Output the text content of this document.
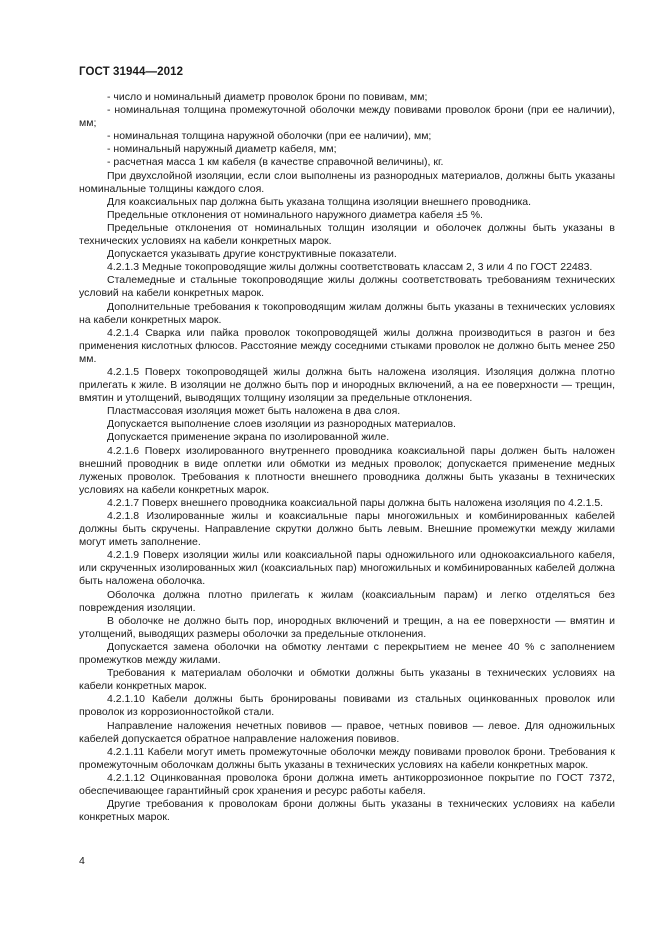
ГОСТ 31944—2012

- число и номинальный диаметр проволок брони по повивам, мм;

- номинальная толщина промежуточной оболочки между повивами проволок брони (при ее наличии), мм;

- номинальная толщина наружной оболочки (при ее наличии), мм;

- номинальный наружный диаметр кабеля, мм;

- расчетная масса 1 км кабеля (в качестве справочной величины), кг.

При двухслойной изоляции, если слои выполнены из разнородных материалов, должны быть указаны номинальные толщины каждого слоя.

Для коаксиальных пар должна быть указана толщина изоляции внешнего проводника.

Предельные отклонения от номинального наружного диаметра кабеля ±5 %.

Предельные отклонения от номинальных толщин изоляции и оболочек должны быть указаны в технических условиях на кабели конкретных марок.

Допускается указывать другие конструктивные показатели.

4.2.1.3 Медные токопроводящие жилы должны соответствовать классам 2, 3 или 4 по ГОСТ 22483.

Сталемедные и стальные токопроводящие жилы должны соответствовать требованиям технических условий на кабели конкретных марок.

Дополнительные требования к токопроводящим жилам должны быть указаны в технических условиях на кабели конкретных марок.

4.2.1.4 Сварка или пайка проволок токопроводящей жилы должна производиться в разгон и без применения кислотных флюсов. Расстояние между соседними стыками проволок не должно быть менее 250 мм.

4.2.1.5 Поверх токопроводящей жилы должна быть наложена изоляция. Изоляция должна плотно прилегать к жиле. В изоляции не должно быть пор и инородных включений, а на ее поверхности — трещин, вмятин и утолщений, выводящих толщину изоляции за предельные отклонения.

Пластмассовая изоляция может быть наложена в два слоя.

Допускается выполнение слоев изоляции из разнородных материалов.

Допускается применение экрана по изолированной жиле.

4.2.1.6 Поверх изолированного внутреннего проводника коаксиальной пары должен быть наложен внешний проводник в виде оплетки или обмотки из медных проволок; допускается применение медных луженых проволок. Требования к плотности внешнего проводника должны быть указаны в технических условиях на кабели конкретных марок.

4.2.1.7 Поверх внешнего проводника коаксиальной пары должна быть наложена изоляция по 4.2.1.5.

4.2.1.8 Изолированные жилы и коаксиальные пары многожильных и комбинированных кабелей должны быть скручены. Направление скрутки должно быть левым. Внешние промежутки между жилами могут иметь заполнение.

4.2.1.9 Поверх изоляции жилы или коаксиальной пары одножильного или однокоаксиального кабеля, или скрученных изолированных жил (коаксиальных пар) многожильных и комбинированных кабелей должна быть наложена оболочка.

Оболочка должна плотно прилегать к жилам (коаксиальным парам) и легко отделяться без повреждения изоляции.

В оболочке не должно быть пор, инородных включений и трещин, а на ее поверхности — вмятин и утолщений, выводящих размеры оболочки за предельные отклонения.

Допускается замена оболочки на обмотку лентами с перекрытием не менее 40 % с заполнением промежутков между жилами.

Требования к материалам оболочки и обмотки должны быть указаны в технических условиях на кабели конкретных марок.

4.2.1.10 Кабели должны быть бронированы повивами из стальных оцинкованных проволок или проволок из коррозионностойкой стали.

Направление наложения нечетных повивов — правое, четных повивов — левое. Для одножильных кабелей допускается обратное направление наложения повивов.

4.2.1.11 Кабели могут иметь промежуточные оболочки между повивами проволок брони. Требования к промежуточным оболочкам должны быть указаны в технических условиях на кабели конкретных марок.

4.2.1.12 Оцинкованная проволока брони должна иметь антикоррозионное покрытие по ГОСТ 7372, обеспечивающее гарантийный срок хранения и ресурс работы кабеля.

Другие требования к проволокам брони должны быть указаны в технических условиях на кабели конкретных марок.

4
